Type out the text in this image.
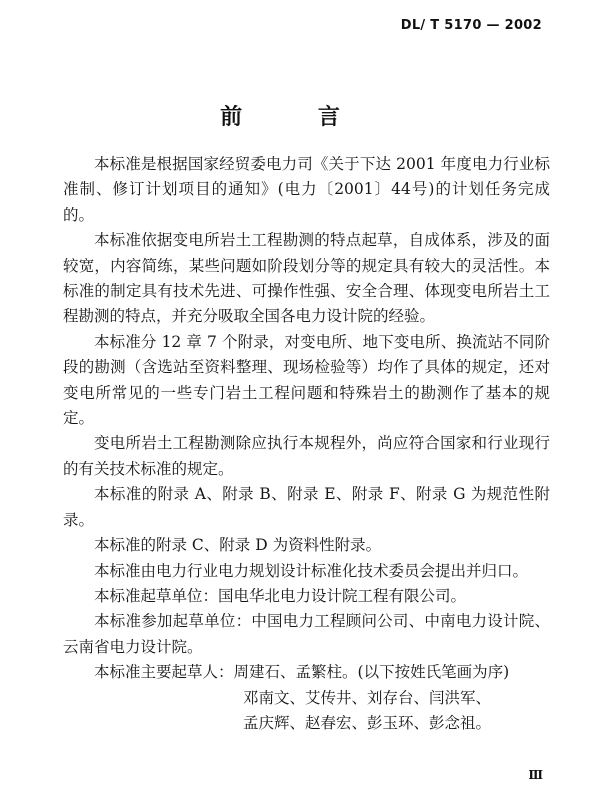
DL/ T 5170 — 2002
前 言

本标准是根据国家经贸委电力司《关于下达 2001 年度电力行业标准制、修订计划项目的通知》(电力〔2001〕44号)的计划任务完成的。

本标准依据变电所岩土工程勘测的特点起草，自成体系，涉及的面较宽，内容简练，某些问题如阶段划分等的规定具有较大的灵活性。本标准的制定具有技术先进、可操作性强、安全合理、体现变电所岩土工程勘测的特点，并充分吸取全国各电力设计院的经验。

本标准分 12 章 7 个附录，对变电所、地下变电所、换流站不同阶段的勘测（含选站至资料整理、现场检验等）均作了具体的规定，还对变电所常见的一些专门岩土工程问题和特殊岩土的勘测作了基本的规定。

变电所岩土工程勘测除应执行本规程外，尚应符合国家和行业现行的有关技术标准的规定。

本标准的附录 A、附录 B、附录 E、附录 F、附录 G 为规范性附录。

本标准的附录 C、附录 D 为资料性附录。

本标准由电力行业电力规划设计标准化技术委员会提出并归口。

本标准起草单位：国电华北电力设计院工程有限公司。

本标准参加起草单位：中国电力工程顾问公司、中南电力设计院、云南省电力设计院。

本标准主要起草人：周建石、孟繁柱。(以下按姓氏笔画为序)

邓南文、艾传井、刘存台、闫洪军、

孟庆辉、赵春宏、彭玉环、彭念祖。

Ⅲ
